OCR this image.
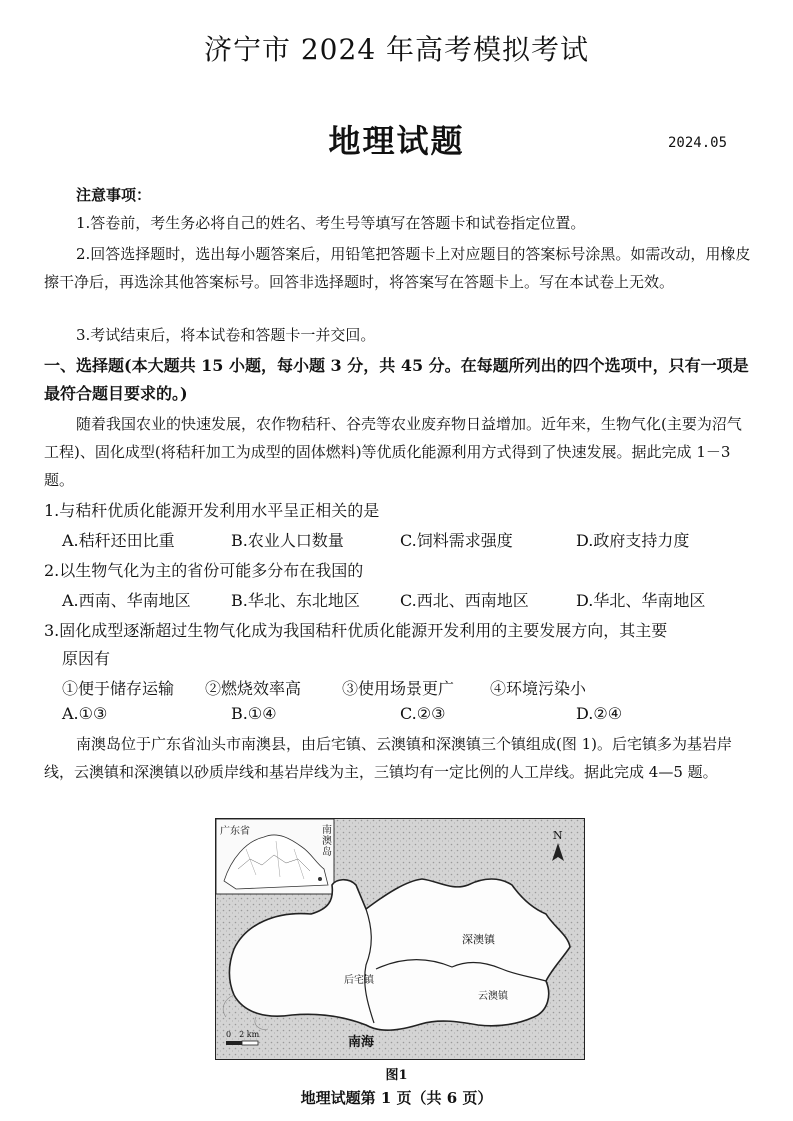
济宁市 2024 年高考模拟考试
地理试题	2024.05
注意事项：
1.答卷前，考生务必将自己的姓名、考生号等填写在答题卡和试卷指定位置。
2.回答选择题时，选出每小题答案后，用铅笔把答题卡上对应题目的答案标号涂黑。如需改动，用橡皮擦干净后，再选涂其他答案标号。回答非选择题时，将答案写在答题卡上。写在本试卷上无效。
3.考试结束后，将本试卷和答题卡一并交回。
一、选择题(本大题共 15 小题，每小题 3 分，共 45 分。在每题所列出的四个选项中，只有一项是最符合题目要求的。)
随着我国农业的快速发展，农作物秸秆、谷壳等农业废弃物日益增加。近年来，生物气化(主要为沼气工程)、固化成型(将秸秆加工为成型的固体燃料)等优质化能源利用方式得到了快速发展。据此完成 1－3 题。
1.与秸秆优质化能源开发利用水平呈正相关的是
A.秸秆还田比重	B.农业人口数量	C.饲料需求强度	D.政府支持力度
2.以生物气化为主的省份可能多分布在我国的
A.西南、华南地区	B.华北、东北地区	C.西北、西南地区	D.华北、华南地区
3.固化成型逐渐超过生物气化成为我国秸秆优质化能源开发利用的主要发展方向，其主要
原因有
①便于储存运输 ②燃烧效率高	③使用场景更广 ④环境污染小
A.①③	B.①④	C.②③	D.②④
南澳岛位于广东省汕头市南澳县，由后宅镇、云澳镇和深澳镇三个镇组成(图 1)。后宅镇多为基岩岸线，云澳镇和深澳镇以砂质岸线和基岩岸线为主，三镇均有一定比例的人工岸线。据此完成 4—5 题。
广东省	南澳岛
N
深澳镇
后宅镇
云澳镇
南海
0　2 km
图1
地理试题第 1 页（共 6 页）
